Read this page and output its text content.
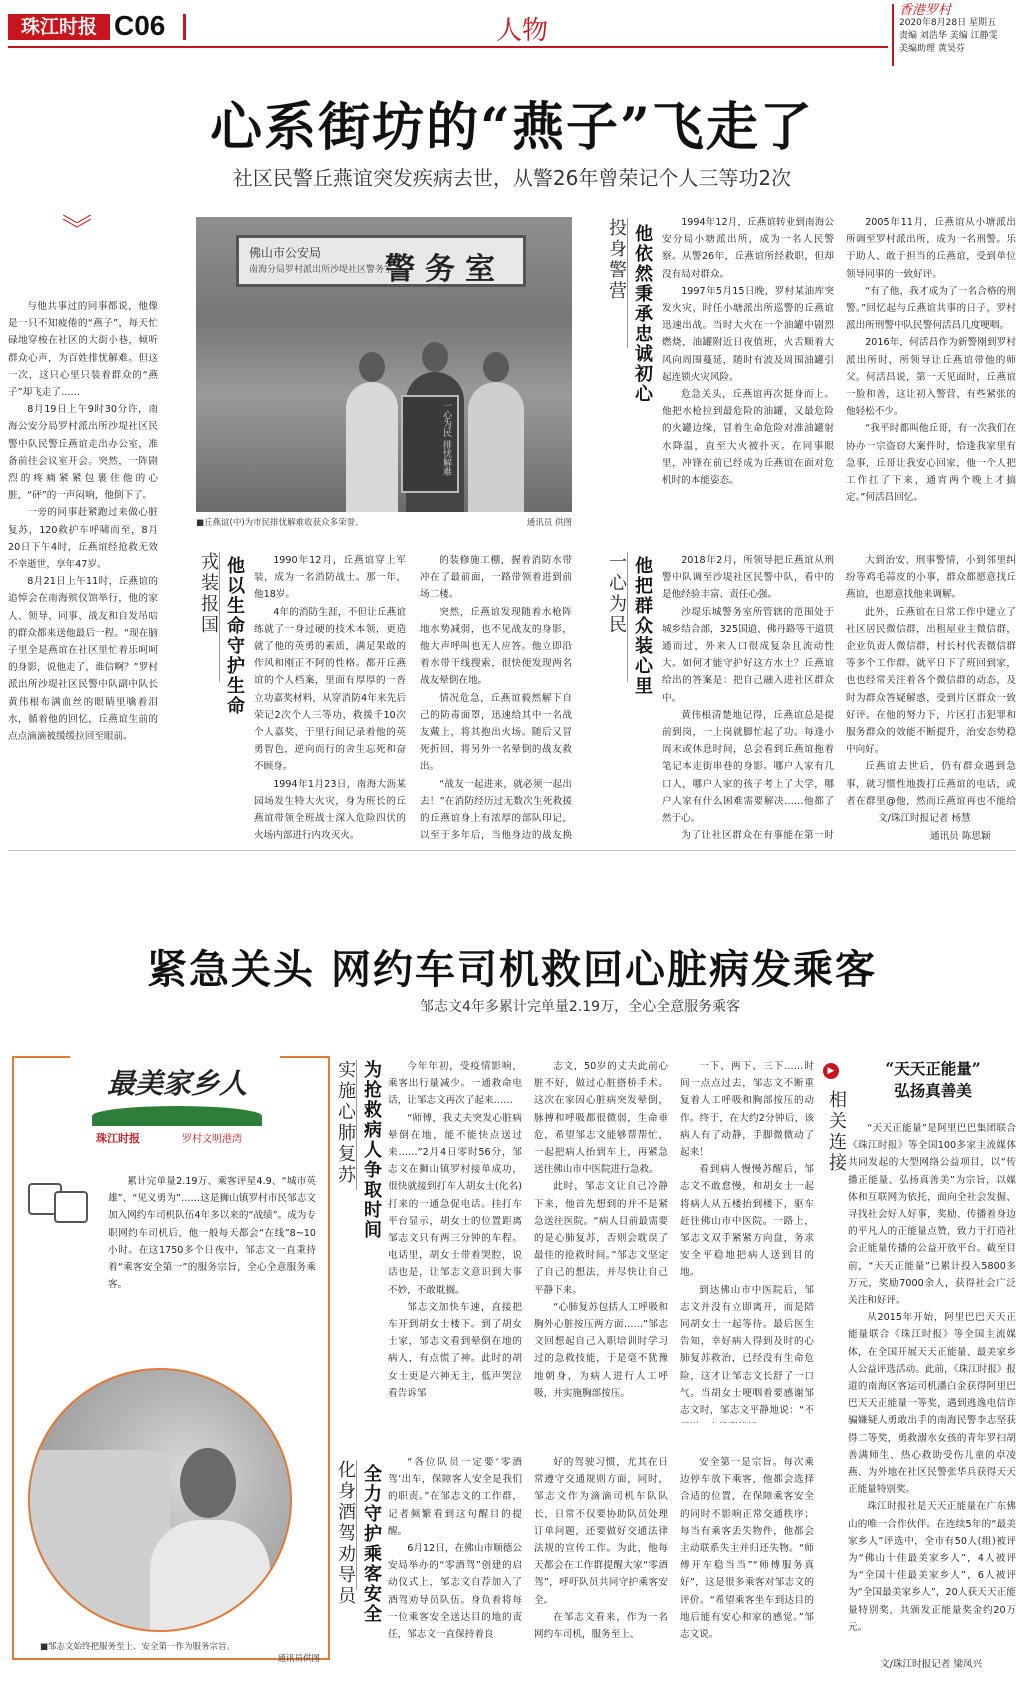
珠江时报 C06	人物
香港罗村
2020年8月28日 星期五
责编 刘浩华 美编 江静雯
美编助理 黄昊芬
心系街坊的“燕子”飞走了
社区民警丘燕谊突发疾病去世，从警26年曾荣记个人三等功2次
︾

与他共事过的同事都说，他像是一只不知疲倦的“燕子”，每天忙碌地穿梭在社区的大街小巷，倾听群众心声，为百姓排忧解难。但这一次，这只心里只装着群众的“燕子”却飞走了……

8月19日上午9时30分许，南海公安分局罗村派出所沙堤社区民警中队民警丘燕谊走出办公室，准备前往会议室开会。突然，一阵剧烈的疼痛紧紧包裹住他的心脏，“砰”的一声闷响，他倒下了。

一旁的同事赶紧跑过来做心脏复苏，120救护车呼啸而至，8月20日下午4时，丘燕谊经抢救无效不幸逝世，享年47岁。

8月21日上午11时，丘燕谊的追悼会在南海殡仪馆举行，他的家人、领导、同事、战友和自发吊唁的群众都来送他最后一程。“现在脑子里全是燕谊在社区里忙着乐呵呵的身影，说他走了，谁信啊？”罗村派出所沙堤社区民警中队副中队长黄伟根布满血丝的眼睛里噙着泪水，循着他的回忆，丘燕谊生前的点点滴滴被缓缓拉回至眼前。

佛山市公安局
南海分局罗村派出所沙堤社区警务室
警务室
一心为民 排忧解难
■丘燕谊(中)为市民排忧解难收获众多荣誉。	通讯员 供图
投身警营 他依然秉承忠诚初心

1994年12月，丘燕谊转业到南海公安分局小塘派出所，成为一名人民警察。从警26年，丘燕谊所经救职，但却没有局对群众。

1997年5月15日晚，罗村某油库突发火灾，时任小塘派出所巡警的丘燕谊迅速出战。当时大火在一个油罐中剧烈燃烧，油罐附近日夜值班，火舌顺着大风向周围蔓延，随时有波及周围油罐引起连锁火灾风险。

危急关头，丘燕谊再次挺身而上。他把水枪拉到最危险的油罐，又最危险的火罐边缘，冒着生命危险对准油罐射水降温，直至大火被扑灭。在同事眼里，冲锋在前已经成为丘燕谊在面对危机时的本能姿态。

2005年11月，丘燕谊从小塘派出所调至罗村派出所，成为一名刑警。乐于助人、敢于担当的丘燕谊，受到单位领导同事的一致好评。

“有了他，我才成为了一名合格的刑警。”回忆起与丘燕谊共事的日子，罗村派出所刑警中队民警何活昌几度哽咽。

2016年，何活昌作为新警刚到罗村派出所时，所领导让丘燕谊带他的师父。何活昌说，第一天见面时，丘燕谊一脸和善，这让初入警营、有些紧张的他轻松不少。

“我平时都叫他丘哥，有一次我们在协办一宗盗窃大案件时，恰逢我家里有急事，丘哥让我安心回家，他一个人把工作扛了下来，通宵两个晚上才搞定。”何活昌回忆。

戎装报国 他以生命守护生命	1990年12月，丘燕谊穿上军装，成为一名消防战士。那一年，他18岁。

4年的消防生涯，不但让丘燕谊练就了一身过硬的技术本领，更造就了他的英勇的素质，满足果敢的作风和刚正不阿的性格。都开丘燕谊的个人档案，里面有厚厚的一沓立功嘉奖材料，从穿消防4年来先后荣记2次个人三等功，救援千10次个人嘉奖，于里行间记录着他的英勇智色，逆向而行的舍生忘死和奋不顾身。

1994年1月23日，南海大沥某园场发生特大火灾，身为班长的丘燕谊带领全班战士深入危险四伏的火场内部进行内攻灭火。

的装修施工棚，握着消防水带冲在了最前面，一路带领着进到前场二楼。

突然，丘燕谊发现随着水枪阵地水势减弱，也不见战友的身影，他大声呼叫也无人应答。他立即沿着水带干线搜索，很快便发现两名战友晕倒在地。

情况危急，丘燕谊毅然解下自己的防毒面罩，迅速给其中一名战友戴上，将其抱出火场。随后又冒死折回，将另外一名晕倒的战友救出。

“战友一起进来，就必须一起出去！”在消防经历过无数次生死救援的丘燕谊身上有浓厚的部队印记，以至于多年后，当他身边的战友换

一心为民 他把群众装心里	2018年2月，所领导把丘燕谊从刑警中队调至沙堤社区民警中队，看中的是他经验丰富、责任心强。

沙堤乐城警务室所管辖的范围处于城乡结合部，325国道、佛丹路等干道贯通而过，外来人口很成复杂且流动性大。如何才能守护好这方水土？丘燕谊给出的答案是：把自己融入进社区群众中。

黄伟根清楚地记得，丘燕谊总是提前到岗，一上岗就脚忙起了功。每逢小周末或休息时间，总会看到丘燕谊拖着笔记本走街串巷的身影。哪户人家有几口人，哪户人家的孩子考上了大学，哪户人家有什么困难需要解决……他都了然于心。

为了让社区群众在有事能在第一时

大到治安、刑事警情，小到邻里纠纷等鸡毛蒜皮的小事，群众都愿意找丘燕谊，也愿意找他来调解。

此外，丘燕谊在日常工作中建立了社区居民微信群，出租屋业主微信群，企业负责人微信群，村长村代表微信群等多个工作群。就平日下了班回到家，也也经常关注着各个微信群的动态，及时为群众答疑解惑，受到片区群众一致好评。在他的努力下，片区打击犯罪和服务群众的效能不断提升，治安态势稳中向好。

丘燕谊去世后，仍有群众遇到急事，就习惯性地拨打丘燕谊的电话，或者在群里@他，然而丘燕谊再也不能给

文/珠江时报记者 杨慧
通讯员 陈思颖
紧急关头 网约车司机救回心脏病发乘客
邹志文4年多累计完单量2.19万，全心全意服务乘客
最美家乡人
珠江时报	罗村文明港湾

累计完单量2.19万、乘客评星4.9、“城市英雄”、“见义勇为”……这是狮山镇罗村市民邹志文加入网约车司机队伍4年多以来的“战绩”。成为专职网约车司机后，他一般每天都会“在线”8~10小时。在这1750多个日夜中，邹志文一直秉持着“乘客安全第一”的服务宗旨，全心全意服务乘客。

■邹志文始终把服务至上、安全第一作为服务宗旨。
通讯员供图
实施心肺复苏 为抢救病人争取时间	今年年初，受疫情影响，乘客出行量减少。一通救命电话，让邹志文再次了起来……

“师傅，我丈夫突发心脏病晕倒在地，能不能快点送过来……”2月4日零时56分，邹志文在狮山镇罗村接单成功，很快就接到打车人胡女士(化名)打来的一通急促电话。挂打车平台显示，胡女士的位置距离邹志文只有两三分钟的车程。电话里，胡女士带着哭腔，说话也是，让邹志文意识到大事不妙，不敢耽搁。

邹志文加快车速，直接把车开到胡女士楼下。到了胡女士家，邹志文看到晕倒在地的病人，有点慌了神。此时的胡女士更是六神无主，低声哭泣看告诉邹

志文，50岁的丈夫此前心脏不好，做过心脏搭桥手术。这次在家因心脏病突发晕倒，脉搏和呼吸都很微弱，生命垂危，希望邹志文能够帮帮忙，一起把病人抬到车上，再紧急送往佛山市中医院进行急救。

此时，邹志文让自己冷静下来，他首先想到的并不是紧急送往医院。“病人目前最需要的是心肺复苏，否则会耽误了最佳的抢救时间。”邹志文坚定了自己的想法，并尽快让自己平静下来。

“心肺复苏包括人工呼吸和胸外心脏按压两方面……”邹志文回想起自己入职培训时学习过的急救技能，于是毫不犹豫地朝身，为病人进行人工呼吸，并实施胸部按压。

一下、两下、三下……时间一点点过去，邹志文不断重复着人工呼吸和胸部按压的动作。终于，在大约2分钟后，该病人有了动静，手脚微微动了起来！

看到病人慢慢苏醒后，邹志文不敢怠慢，和胡女士一起将病人从五楼抬到楼下，驱车赶往佛山市中医院。一路上，邹志文双手紧紧方向盘，务求安全平稳地把病人送到目的地。

到达佛山市中医院后，邹志文并没有立即离开，而是陪同胡女士一起等待。最后医生告知，幸好病人得到及时的心肺复苏救治，已经没有生命危险，这才让邹志文长舒了一口气。当胡女士哽咽着要感谢邹志文时，邹志文平静地说：“不

化身酒驾劝导员 全力守护乘客安全

“各位队员一定要‘零酒驾’出车，保障客人安全是我们的职责。”在邹志文的工作群，记者频繁看到这句醒目的提醒。

6月12日，在佛山市顺德公安局举办的“零酒驾”创建的启动仪式上，邹志文自荐加入了酒驾劝导员队伍。身负着将每一位乘客安全送达目的地的责任，邹志文一直保持着良

好的驾驶习惯，尤其在日常遵守交通规则方面，同时，邹志文作为滴滴司机车队队长，日常不仅要协助队员处理订单问题，还要做好交通法律法规的宣传工作。为此，他每天都会在工作群提醒大家“零酒驾”，呼吁队员共同守护乘客安全。

在邹志文看来，作为一名网约车司机，服务至上、

安全第一是宗旨。每次乘边停车放下乘客，他都会选择合适的位置，在保障乘客安全的同时不影响正常交通秩序；每当有乘客丢失物件，他都会主动联系失主并归还失物。“师傅开车稳当当”“师傅服务真好”，这是很多乘客对邹志文的评价。“希望乘客坐车到达目的地后能有安心和家的感觉。”邹志文说。

▶
相关连接
“天天正能量”
弘扬真善美

“天天正能量”是阿里巴巴集团联合《珠江时报》等全国100多家主流媒体共同发起的大型网络公益项目，以“传播正能量、弘扬真善美”为宗旨，以媒体和互联网为依托，面向全社会发掘、寻找社会好人好事，奖励、传播着身边的平凡人的正能量点赞，致力于打造社会正能量传播的公益开放平台。截至目前，“天天正能量”已累计投入5800多万元，奖励7000余人，获得社会广泛关注和好评。

从2015年开始，阿里巴巴天天正能量联合《珠江时报》等全国主流媒体，在全国开展天天正能量、最美家乡人公益评选活动。此前，《珠江时报》报道的南海区客运司机潘白金获得阿里巴巴天天正能量一等奖，遇到逃逸电信诈骗嫌疑人勇敢出手的南海民警李志坚获得二等奖，勇救溺水女孩的青年罗扫胡善满师生、热心救助受伤儿童的卓凌燕、为外地在社区民警张华兵获得天天正能量特别奖。

珠江时报社是天天正能量在广东佛山的唯一合作伙伴。在连续5年的“最美家乡人”评选中，全市有50人(组)被评为“佛山十佳最美家乡人”，4人被评为“全国十佳最美家乡人”，6人被评为“全国最美家乡人”，20人获天天正能量特别奖，共颁发正能量奖金约20万元。

文/珠江时报记者 梁凤兴
